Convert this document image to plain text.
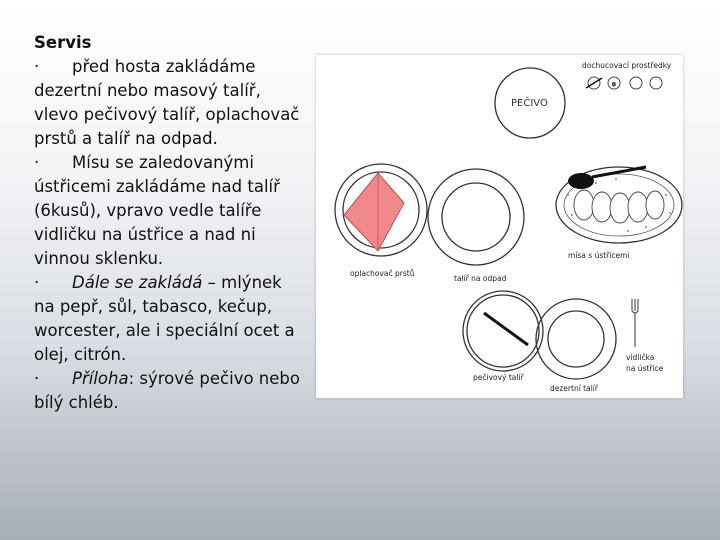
Servis

· před hosta zakládáme dezertní nebo masový talíř, vlevo pečivový talíř, oplachovač prstů a talíř na odpad.

· Mísu se zaledovanými ústřicemi zakládáme nad talíř (6kusů), vpravo vedle talíře vidličku na ústřice a nad ni vinnou sklenku.

· Dále se zakládá – mlýnek na pepř, sůl, tabasco, kečup, worcester, ale i speciální ocet a olej, citrón.

· Příloha: sýrové pečivo nebo bílý chléb.

dochucovací prostředky
o
PEČIVO
oplachovač prstů
talíř na odpad
mísa s ústřicemi
pečivový talíř
dezertní talíř
vidlička
na ústřice
